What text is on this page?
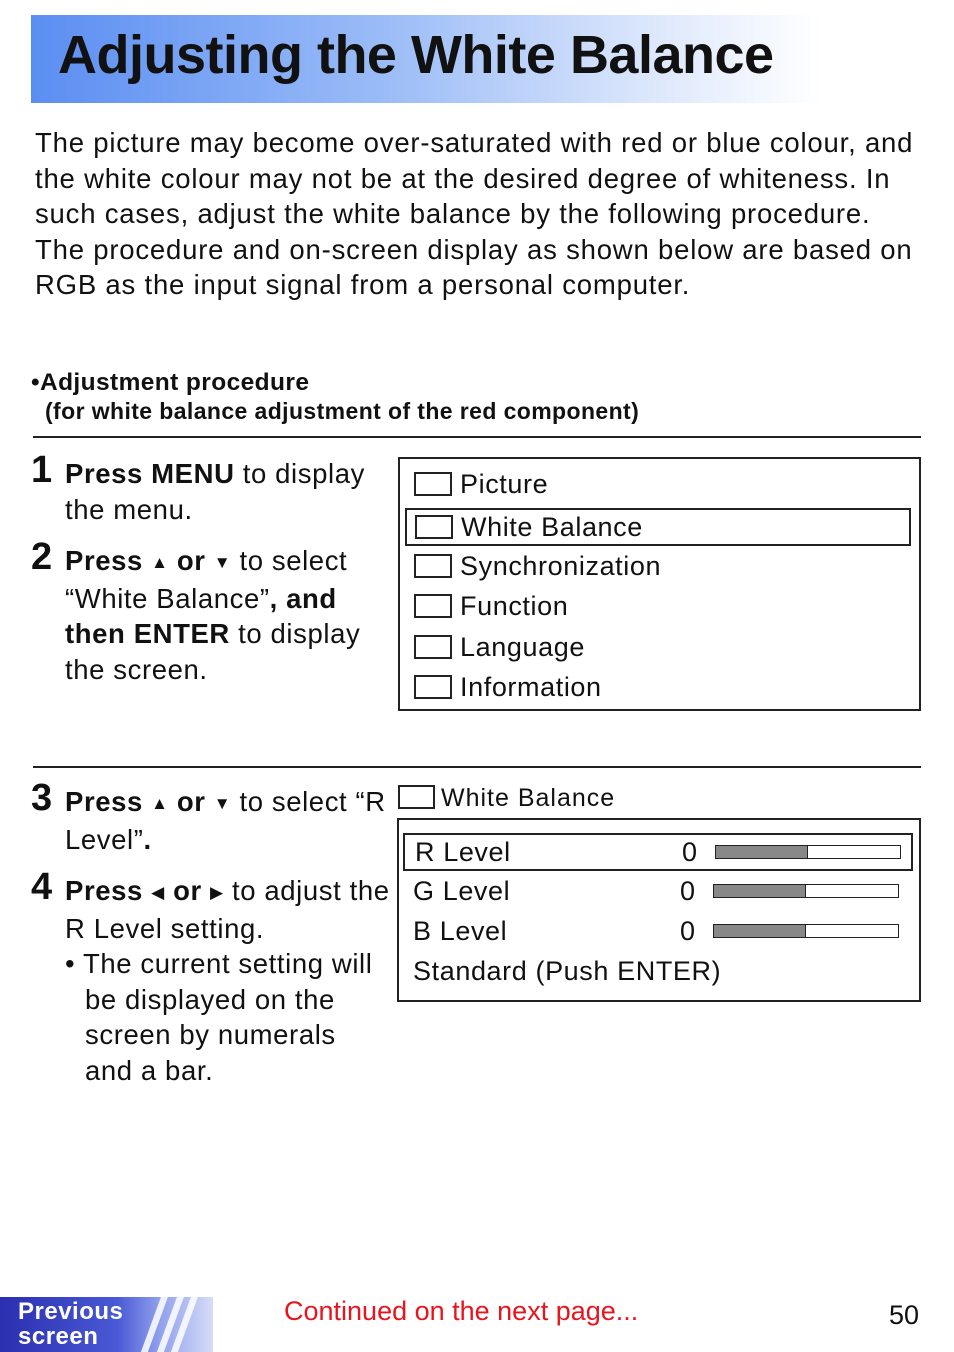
Adjusting the White Balance

The picture may become over-saturated with red or blue colour, and the white colour may not be at the desired degree of whiteness. In such cases, adjust the white balance by the following procedure.

The procedure and on-screen display as shown below are based on RGB as the input signal from a personal computer.

•Adjustment procedure
(for white balance adjustment of the red component)
1 Press MENU to display the menu.
2 Press ▲ or ▼ to select “White Balance”, and then ENTER to display the screen.
Picture
White Balance
Synchronization
Function
Language
Information
3 Press ▲ or ▼ to select “R Level”.
4 Press ◀ or ▶ to adjust the R Level setting.
• The current setting will be displayed on the screen by numerals and a bar.
White Balance
R Level	0
G Level	0
B Level	0
Standard (Push ENTER)
Previous
screen
Continued on the next page...	50
